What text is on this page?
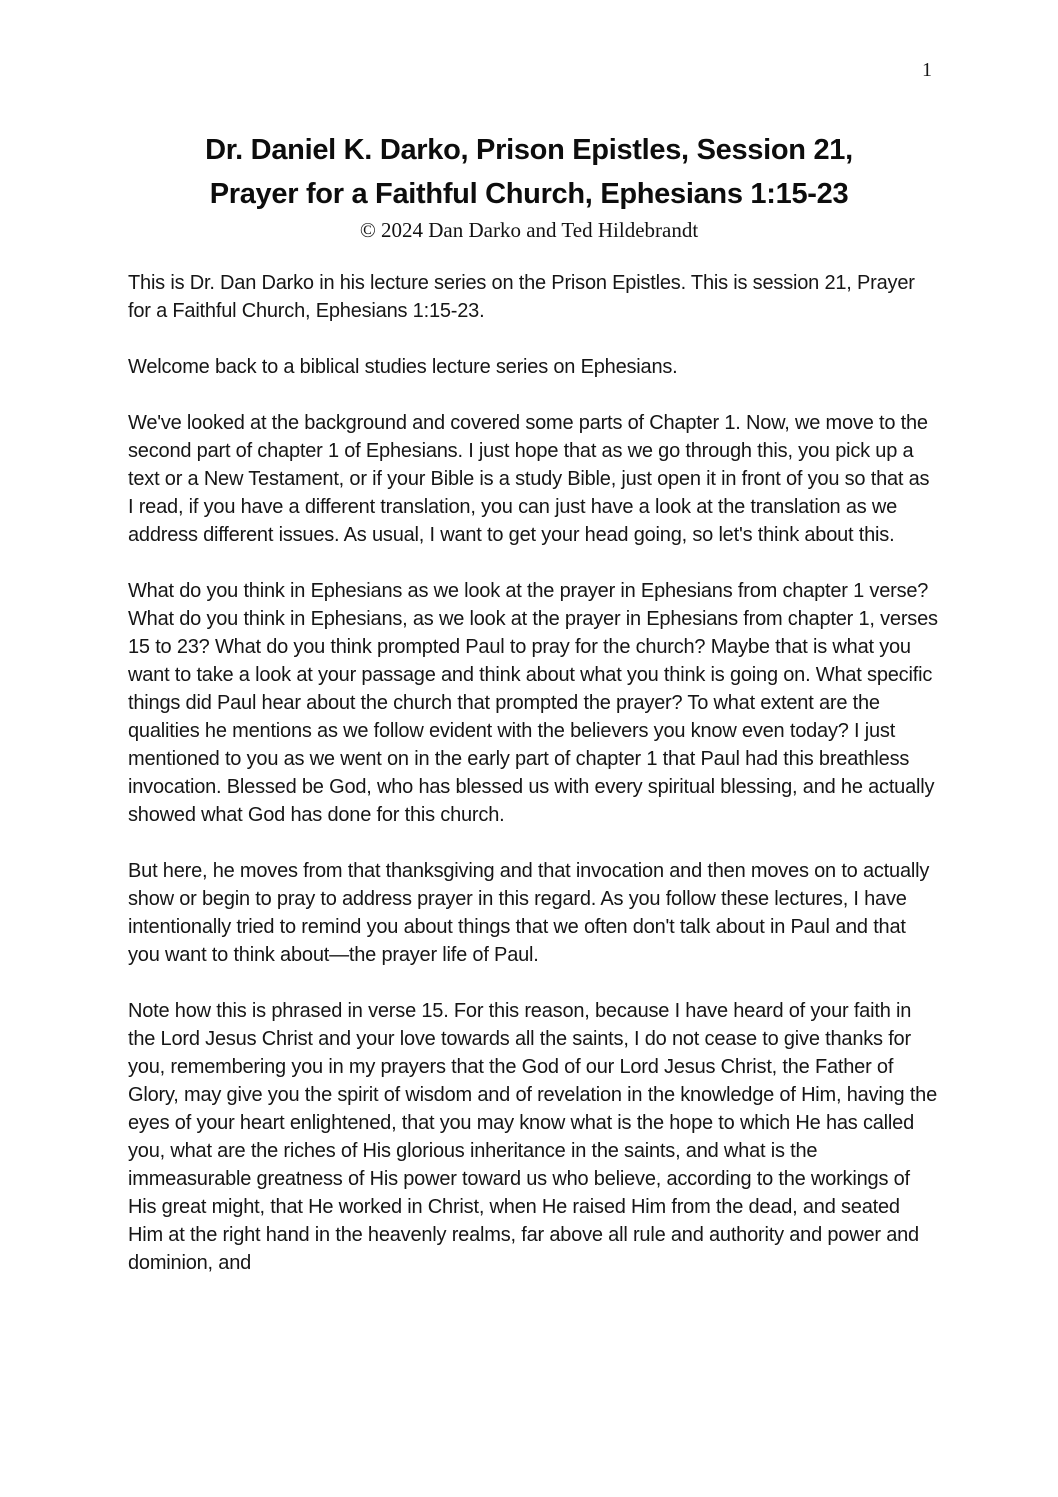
1
Dr. Daniel K. Darko, Prison Epistles, Session 21,
Prayer for a Faithful Church, Ephesians 1:15-23
© 2024 Dan Darko and Ted Hildebrandt

This is Dr. Dan Darko in his lecture series on the Prison Epistles. This is session 21, Prayer for a Faithful Church, Ephesians 1:15-23.

Welcome back to a biblical studies lecture series on Ephesians.

We've looked at the background and covered some parts of Chapter 1. Now, we move to the second part of chapter 1 of Ephesians. I just hope that as we go through this, you pick up a text or a New Testament, or if your Bible is a study Bible, just open it in front of you so that as I read, if you have a different translation, you can just have a look at the translation as we address different issues. As usual, I want to get your head going, so let's think about this.

What do you think in Ephesians as we look at the prayer in Ephesians from chapter 1 verse? What do you think in Ephesians, as we look at the prayer in Ephesians from chapter 1, verses 15 to 23? What do you think prompted Paul to pray for the church? Maybe that is what you want to take a look at your passage and think about what you think is going on. What specific things did Paul hear about the church that prompted the prayer? To what extent are the qualities he mentions as we follow evident with the believers you know even today? I just mentioned to you as we went on in the early part of chapter 1 that Paul had this breathless invocation. Blessed be God, who has blessed us with every spiritual blessing, and he actually showed what God has done for this church.

But here, he moves from that thanksgiving and that invocation and then moves on to actually show or begin to pray to address prayer in this regard. As you follow these lectures, I have intentionally tried to remind you about things that we often don't talk about in Paul and that you want to think about—the prayer life of Paul.

Note how this is phrased in verse 15. For this reason, because I have heard of your faith in the Lord Jesus Christ and your love towards all the saints, I do not cease to give thanks for you, remembering you in my prayers that the God of our Lord Jesus Christ, the Father of Glory, may give you the spirit of wisdom and of revelation in the knowledge of Him, having the eyes of your heart enlightened, that you may know what is the hope to which He has called you, what are the riches of His glorious inheritance in the saints, and what is the immeasurable greatness of His power toward us who believe, according to the workings of His great might, that He worked in Christ, when He raised Him from the dead, and seated Him at the right hand in the heavenly realms, far above all rule and authority and power and dominion, and
